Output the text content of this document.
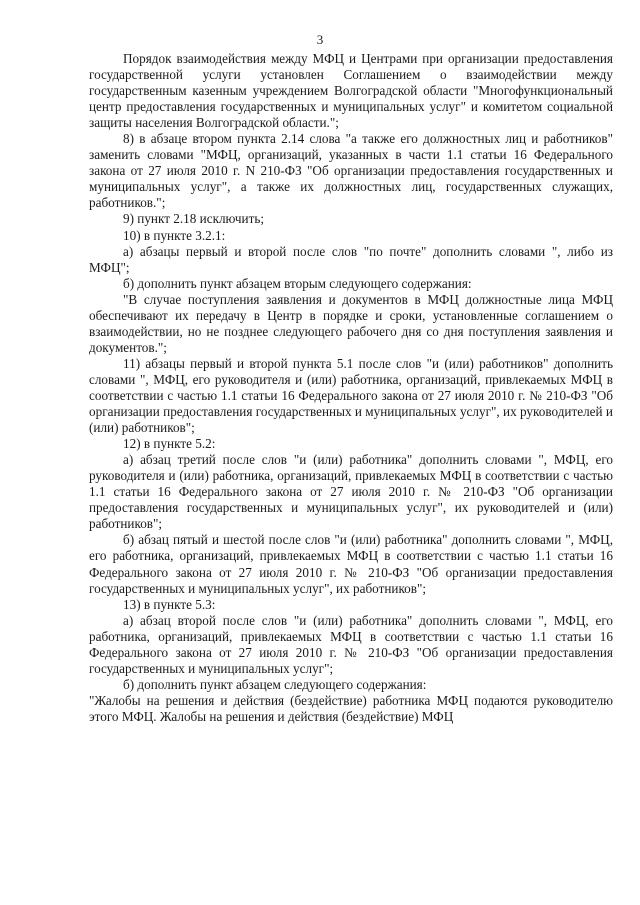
3

Порядок взаимодействия между МФЦ и Центрами при организации предоставления государственной услуги установлен Соглашением о взаимодействии между государственным казенным учреждением Волгоградской области "Многофункциональный центр предоставления государственных и муниципальных услуг" и комитетом социальной защиты населения Волгоградской области.";

8) в абзаце втором пункта 2.14 слова "а также его должностных лиц и работников" заменить словами "МФЦ, организаций, указанных в части 1.1 статьи 16 Федерального закона от 27 июля 2010 г. N 210-ФЗ "Об организации предоставления государственных и муниципальных услуг", а также их должностных лиц, государственных служащих, работников.";

9) пункт 2.18 исключить;

10) в пункте 3.2.1:

а) абзацы первый и второй после слов "по почте" дополнить словами ", либо из МФЦ";

б) дополнить пункт абзацем вторым следующего содержания:

"В случае поступления заявления и документов в МФЦ должностные лица МФЦ обеспечивают их передачу в Центр в порядке и сроки, установленные соглашением о взаимодействии, но не позднее следующего рабочего дня со дня поступления заявления и документов.";

11) абзацы первый и второй пункта 5.1 после слов "и (или) работников" дополнить словами ", МФЦ, его руководителя и (или) работника, организаций, привлекаемых МФЦ в соответствии с частью 1.1 статьи 16 Федерального закона от 27 июля 2010 г. № 210-ФЗ "Об организации предоставления государственных и муниципальных услуг", их руководителей и (или) работников";

12) в пункте 5.2:

а) абзац третий после слов "и (или) работника" дополнить словами ", МФЦ, его руководителя и (или) работника, организаций, привлекаемых МФЦ в соответствии с частью 1.1 статьи 16 Федерального закона от 27 июля 2010 г. № 210-ФЗ "Об организации предоставления государственных и муниципальных услуг", их руководителей и (или) работников";

б) абзац пятый и шестой после слов "и (или) работника" дополнить словами ", МФЦ, его работника, организаций, привлекаемых МФЦ в соответствии с частью 1.1 статьи 16 Федерального закона от 27 июля 2010 г. № 210-ФЗ "Об организации предоставления государственных и муниципальных услуг", их работников";

13) в пункте 5.3:

а) абзац второй после слов "и (или) работника" дополнить словами ", МФЦ, его работника, организаций, привлекаемых МФЦ в соответствии с частью 1.1 статьи 16 Федерального закона от 27 июля 2010 г. № 210-ФЗ "Об организации предоставления государственных и муниципальных услуг";

б) дополнить пункт абзацем следующего содержания:

"Жалобы на решения и действия (бездействие) работника МФЦ подаются руководителю этого МФЦ. Жалобы на решения и действия (бездействие) МФЦ
